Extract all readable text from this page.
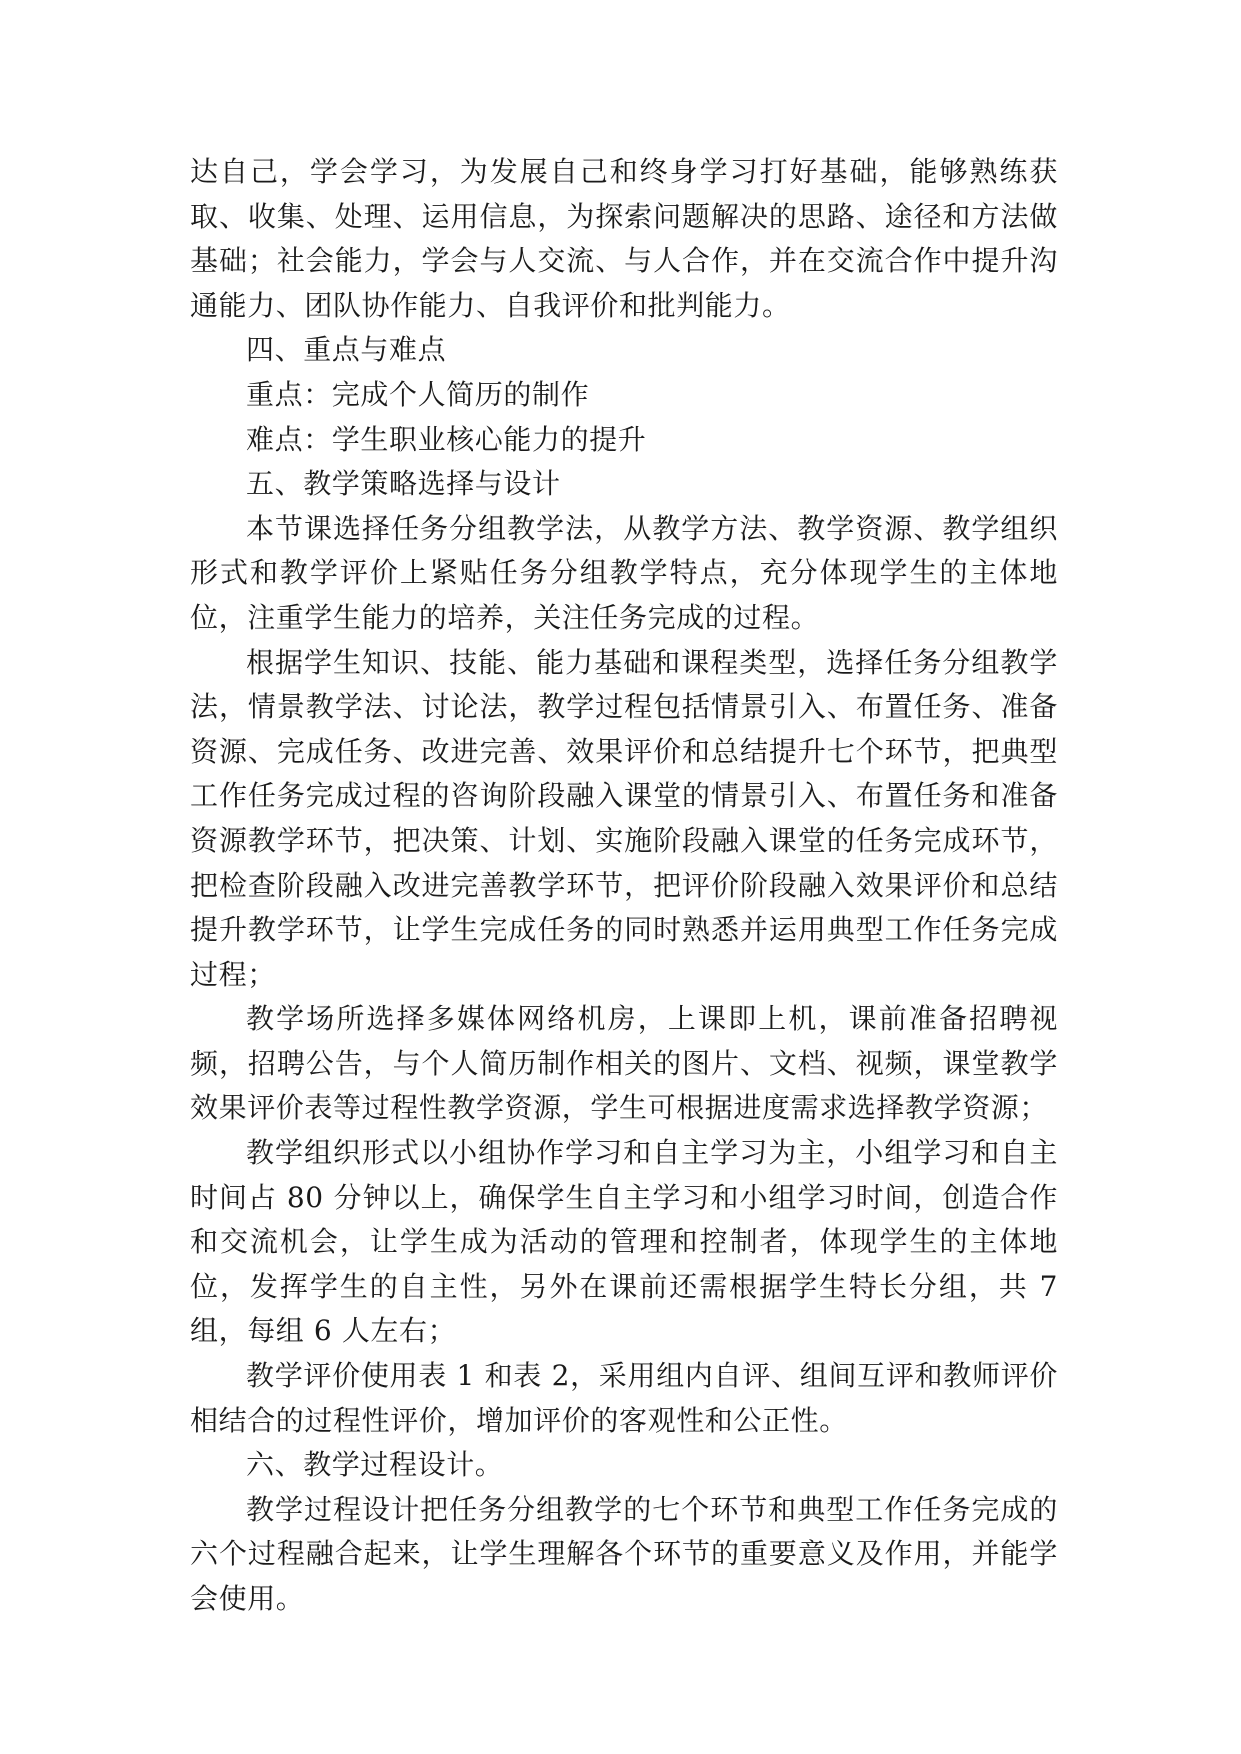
达自己，学会学习，为发展自己和终身学习打好基础，能够熟练获取、收集、处理、运用信息，为探索问题解决的思路、途径和方法做基础；社会能力，学会与人交流、与人合作，并在交流合作中提升沟通能力、团队协作能力、自我评价和批判能力。

四、重点与难点

重点：完成个人简历的制作

难点：学生职业核心能力的提升

五、教学策略选择与设计

本节课选择任务分组教学法，从教学方法、教学资源、教学组织形式和教学评价上紧贴任务分组教学特点，充分体现学生的主体地位，注重学生能力的培养，关注任务完成的过程。

根据学生知识、技能、能力基础和课程类型，选择任务分组教学法，情景教学法、讨论法，教学过程包括情景引入、布置任务、准备资源、完成任务、改进完善、效果评价和总结提升七个环节，把典型工作任务完成过程的咨询阶段融入课堂的情景引入、布置任务和准备资源教学环节，把决策、计划、实施阶段融入课堂的任务完成环节，把检查阶段融入改进完善教学环节，把评价阶段融入效果评价和总结提升教学环节，让学生完成任务的同时熟悉并运用典型工作任务完成过程；

教学场所选择多媒体网络机房，上课即上机，课前准备招聘视频，招聘公告，与个人简历制作相关的图片、文档、视频，课堂教学效果评价表等过程性教学资源，学生可根据进度需求选择教学资源；

教学组织形式以小组协作学习和自主学习为主，小组学习和自主时间占 80 分钟以上，确保学生自主学习和小组学习时间，创造合作和交流机会，让学生成为活动的管理和控制者，体现学生的主体地位，发挥学生的自主性，另外在课前还需根据学生特长分组，共 7 组，每组 6 人左右；

教学评价使用表 1 和表 2，采用组内自评、组间互评和教师评价相结合的过程性评价，增加评价的客观性和公正性。

六、教学过程设计。

教学过程设计把任务分组教学的七个环节和典型工作任务完成的六个过程融合起来，让学生理解各个环节的重要意义及作用，并能学会使用。
